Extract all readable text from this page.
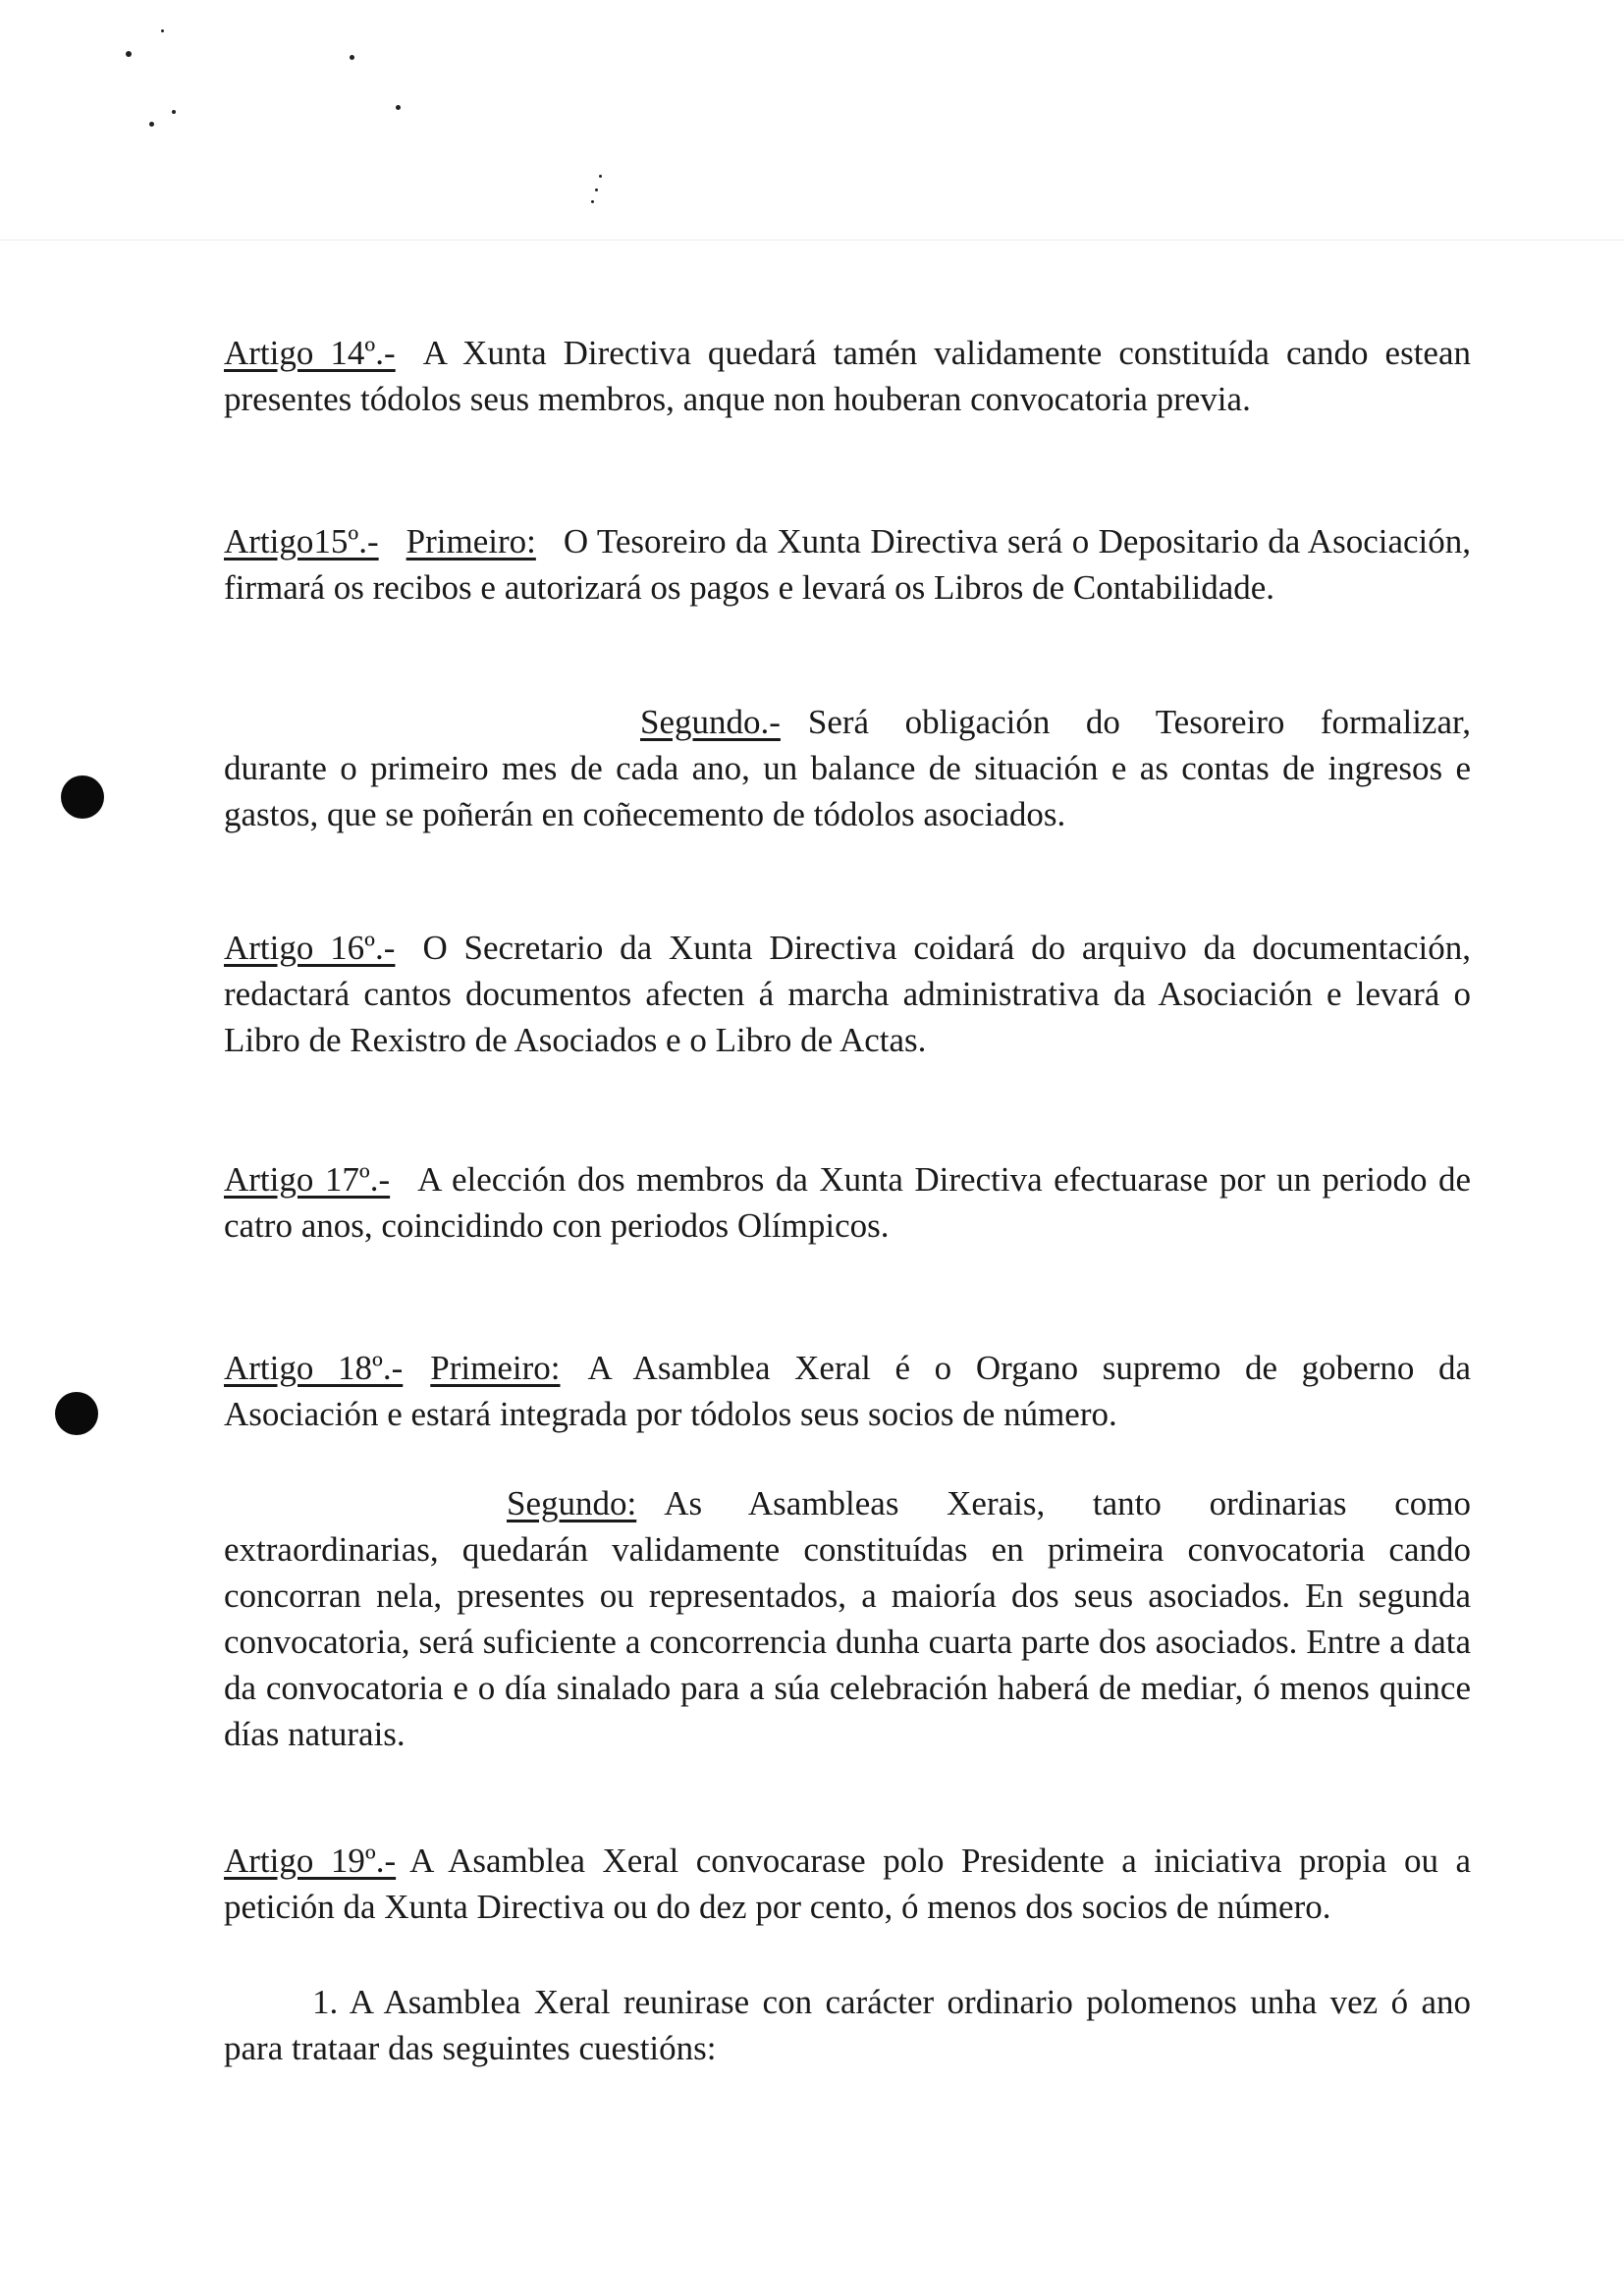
Artigo 14º.- A Xunta Directiva quedará tamén validamente constituída cando estean presentes tódolos seus membros, anque non houberan convocatoria previa.
Artigo15º.- Primeiro: O Tesoreiro da Xunta Directiva será o Depositario da Asociación, firmará os recibos e autorizará os pagos e levará os Libros de Contabilidade.
Segundo.- Será obligación do Tesoreiro formalizar, durante o primeiro mes de cada ano, un balance de situación e as contas de ingresos e gastos, que se poñerán en coñecemento de tódolos asociados.
Artigo 16º.- O Secretario da Xunta Directiva coidará do arquivo da documentación, redactará cantos documentos afecten á marcha administrativa da Asociación e levará o Libro de Rexistro de Asociados e o Libro de Actas.
Artigo 17º.- A elección dos membros da Xunta Directiva efectuarase por un periodo de catro anos, coincidindo con periodos Olímpicos.
Artigo 18º.- Primeiro: A Asamblea Xeral é o Organo supremo de goberno da Asociación e estará integrada por tódolos seus socios de número.
Segundo: As Asambleas Xerais, tanto ordinarias como extraordinarias, quedarán validamente constituídas en primeira convocatoria cando concorran nela, presentes ou representados, a maioría dos seus asociados. En segunda convocatoria, será suficiente a concorrencia dunha cuarta parte dos asociados. Entre a data da convocatoria e o día sinalado para a súa celebración haberá de mediar, ó menos quince días naturais.
Artigo 19º.- A Asamblea Xeral convocarase polo Presidente a iniciativa propia ou a petición da Xunta Directiva ou do dez por cento, ó menos dos socios de número.
1. A Asamblea Xeral reunirase con carácter ordinario polomenos unha vez ó ano para trataar das seguintes cuestións:
